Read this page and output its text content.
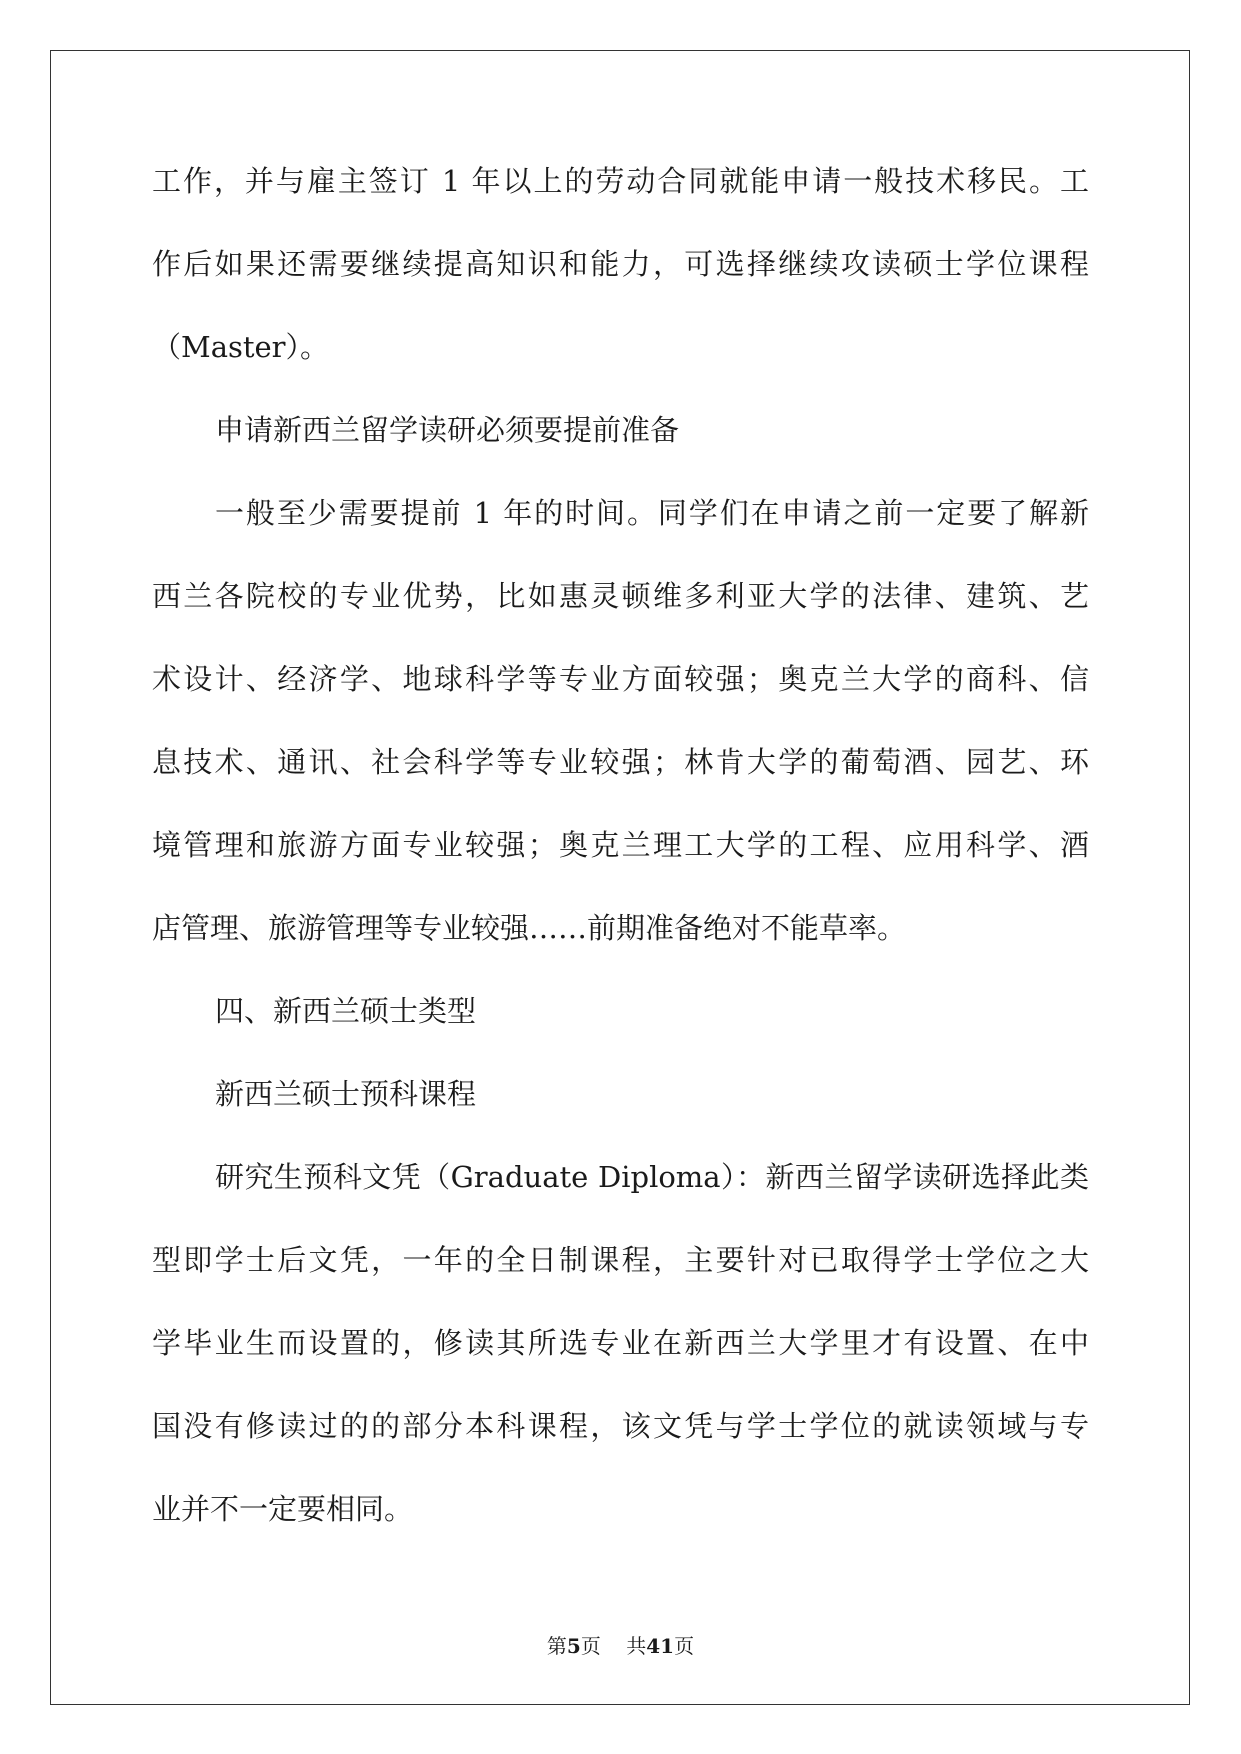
工作，并与雇主签订 1 年以上的劳动合同就能申请一般技术移民。工
作后如果还需要继续提高知识和能力，可选择继续攻读硕士学位课程
（Master）。
申请新西兰留学读研必须要提前准备
一般至少需要提前 1 年的时间。同学们在申请之前一定要了解新
西兰各院校的专业优势，比如惠灵顿维多利亚大学的法律、建筑、艺
术设计、经济学、地球科学等专业方面较强；奥克兰大学的商科、信
息技术、通讯、社会科学等专业较强；林肯大学的葡萄酒、园艺、环
境管理和旅游方面专业较强；奥克兰理工大学的工程、应用科学、酒
店管理、旅游管理等专业较强……前期准备绝对不能草率。
四、新西兰硕士类型
新西兰硕士预科课程
研究生预科文凭（Graduate Diploma）：新西兰留学读研选择此类
型即学士后文凭，一年的全日制课程，主要针对已取得学士学位之大
学毕业生而设置的，修读其所选专业在新西兰大学里才有设置、在中
国没有修读过的的部分本科课程，该文凭与学士学位的就读领域与专
业并不一定要相同。
第5页 共41页
